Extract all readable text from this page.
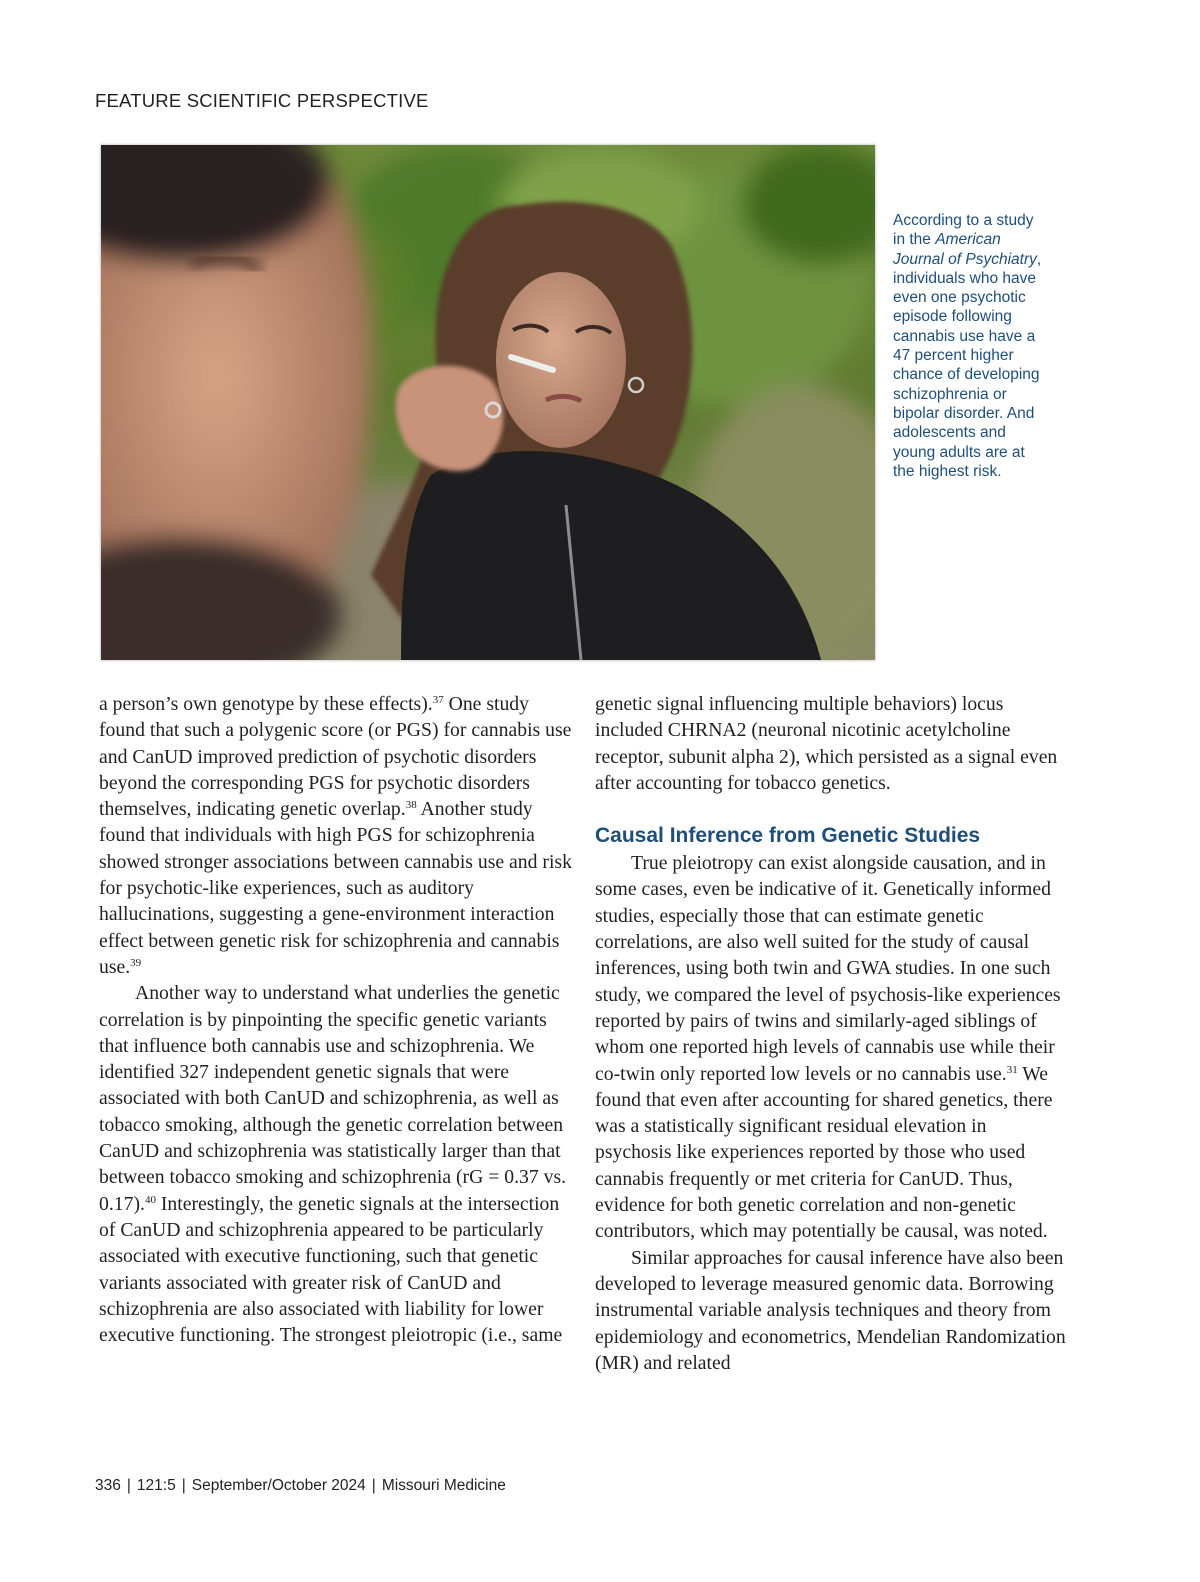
FEATURE SCIENTIFIC PERSPECTIVE

According to a study in the American Journal of Psychiatry, individuals who have even one psychotic episode following cannabis use have a 47 percent higher chance of developing schizophrenia or bipolar disorder. And adolescents and young adults are at the highest risk.

a person’s own genotype by these effects).$^{37}$ One study found that such a polygenic score (or PGS) for cannabis use and CanUD improved prediction of psychotic disorders beyond the corresponding PGS for psychotic disorders themselves, indicating genetic overlap.$^{38}$ Another study found that individuals with high PGS for schizophrenia showed stronger associations between cannabis use and risk for psychotic-like experiences, such as auditory hallucinations, suggesting a gene-environment interaction effect between genetic risk for schizophrenia and cannabis use.$^{39}$

Another way to understand what underlies the genetic correlation is by pinpointing the specific genetic variants that influence both cannabis use and schizophrenia. We identified 327 independent genetic signals that were associated with both CanUD and schizophrenia, as well as tobacco smoking, although the genetic correlation between CanUD and schizophrenia was statistically larger than that between tobacco smoking and schizophrenia (rG = 0.37 vs. 0.17).$^{40}$ Interestingly, the genetic signals at the intersection of CanUD and schizophrenia appeared to be particularly associated with executive functioning, such that genetic variants associated with greater risk of CanUD and schizophrenia are also associated with liability for lower executive functioning. The strongest pleiotropic (i.e., same

genetic signal influencing multiple behaviors) locus included CHRNA2 (neuronal nicotinic acetylcholine receptor, subunit alpha 2), which persisted as a signal even after accounting for tobacco genetics.

Causal Inference from Genetic Studies

True pleiotropy can exist alongside causation, and in some cases, even be indicative of it. Genetically informed studies, especially those that can estimate genetic correlations, are also well suited for the study of causal inferences, using both twin and GWA studies. In one such study, we compared the level of psychosis-like experiences reported by pairs of twins and similarly-aged siblings of whom one reported high levels of cannabis use while their co-twin only reported low levels or no cannabis use.$^{31}$ We found that even after accounting for shared genetics, there was a statistically significant residual elevation in psychosis like experiences reported by those who used cannabis frequently or met criteria for CanUD. Thus, evidence for both genetic correlation and non-genetic contributors, which may potentially be causal, was noted.

Similar approaches for causal inference have also been developed to leverage measured genomic data. Borrowing instrumental variable analysis techniques and theory from epidemiology and econometrics, Mendelian Randomization (MR) and related

336 | 121:5 | September/October 2024 | Missouri Medicine
